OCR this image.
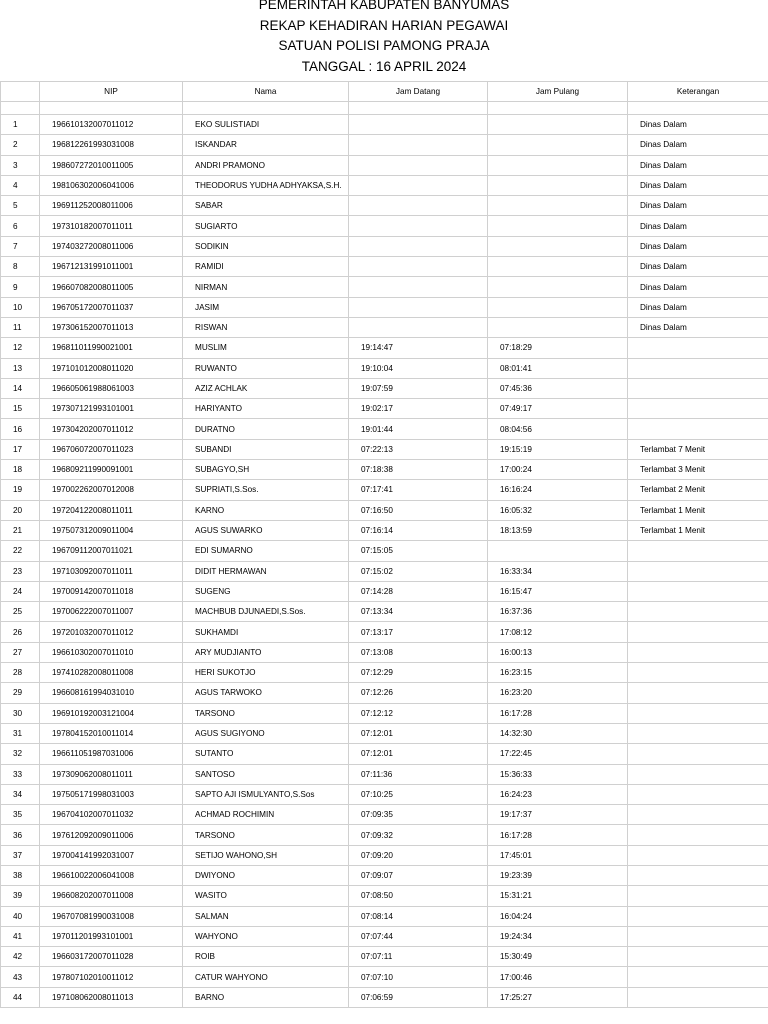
PEMERINTAH KABUPATEN BANYUMAS
REKAP KEHADIRAN HARIAN PEGAWAI
SATUAN POLISI PAMONG PRAJA
TANGGAL : 16 APRIL 2024
	NIP	Nama	Jam Datang	Jam Pulang	Keterangan

1	196610132007011012	EKO SULISTIADI			Dinas Dalam
2	196812261993031008	ISKANDAR			Dinas Dalam
3	198607272010011005	ANDRI PRAMONO			Dinas Dalam
4	198106302006041006	THEODORUS YUDHA ADHYAKSA,S.H.			Dinas Dalam
5	196911252008011006	SABAR			Dinas Dalam
6	197310182007011011	SUGIARTO			Dinas Dalam
7	197403272008011006	SODIKIN			Dinas Dalam
8	196712131991011001	RAMIDI			Dinas Dalam
9	196607082008011005	NIRMAN			Dinas Dalam
10	196705172007011037	JASIM			Dinas Dalam
11	197306152007011013	RISWAN			Dinas Dalam
12	196811011990021001	MUSLIM	19:14:47	07:18:29	
13	197101012008011020	RUWANTO	19:10:04	08:01:41	
14	196605061988061003	AZIZ ACHLAK	19:07:59	07:45:36	
15	197307121993101001	HARIYANTO	19:02:17	07:49:17	
16	197304202007011012	DURATNO	19:01:44	08:04:56	
17	196706072007011023	SUBANDI	07:22:13	19:15:19	Terlambat 7 Menit
18	196809211990091001	SUBAGYO,SH	07:18:38	17:00:24	Terlambat 3 Menit
19	197002262007012008	SUPRIATI,S.Sos.	07:17:41	16:16:24	Terlambat 2 Menit
20	197204122008011011	KARNO	07:16:50	16:05:32	Terlambat 1 Menit
21	197507312009011004	AGUS SUWARKO	07:16:14	18:13:59	Terlambat 1 Menit
22	196709112007011021	EDI SUMARNO	07:15:05		
23	197103092007011011	DIDIT HERMAWAN	07:15:02	16:33:34	
24	197009142007011018	SUGENG	07:14:28	16:15:47	
25	197006222007011007	MACHBUB DJUNAEDI,S.Sos.	07:13:34	16:37:36	
26	197201032007011012	SUKHAMDI	07:13:17	17:08:12	
27	196610302007011010	ARY MUDJIANTO	07:13:08	16:00:13	
28	197410282008011008	HERI SUKOTJO	07:12:29	16:23:15	
29	196608161994031010	AGUS TARWOKO	07:12:26	16:23:20	
30	196910192003121004	TARSONO	07:12:12	16:17:28	
31	197804152010011014	AGUS SUGIYONO	07:12:01	14:32:30	
32	196611051987031006	SUTANTO	07:12:01	17:22:45	
33	197309062008011011	SANTOSO	07:11:36	15:36:33	
34	197505171998031003	SAPTO AJI ISMULYANTO,S.Sos	07:10:25	16:24:23	
35	196704102007011032	ACHMAD ROCHIMIN	07:09:35	19:17:37	
36	197612092009011006	TARSONO	07:09:32	16:17:28	
37	197004141992031007	SETIJO WAHONO,SH	07:09:20	17:45:01	
38	196610022006041008	DWIYONO	07:09:07	19:23:39	
39	196608202007011008	WASITO	07:08:50	15:31:21	
40	196707081990031008	SALMAN	07:08:14	16:04:24	
41	197011201993101001	WAHYONO	07:07:44	19:24:34	
42	196603172007011028	ROIB	07:07:11	15:30:49	
43	197807102010011012	CATUR WAHYONO	07:07:10	17:00:46	
44	197108062008011013	BARNO	07:06:59	17:25:27	
